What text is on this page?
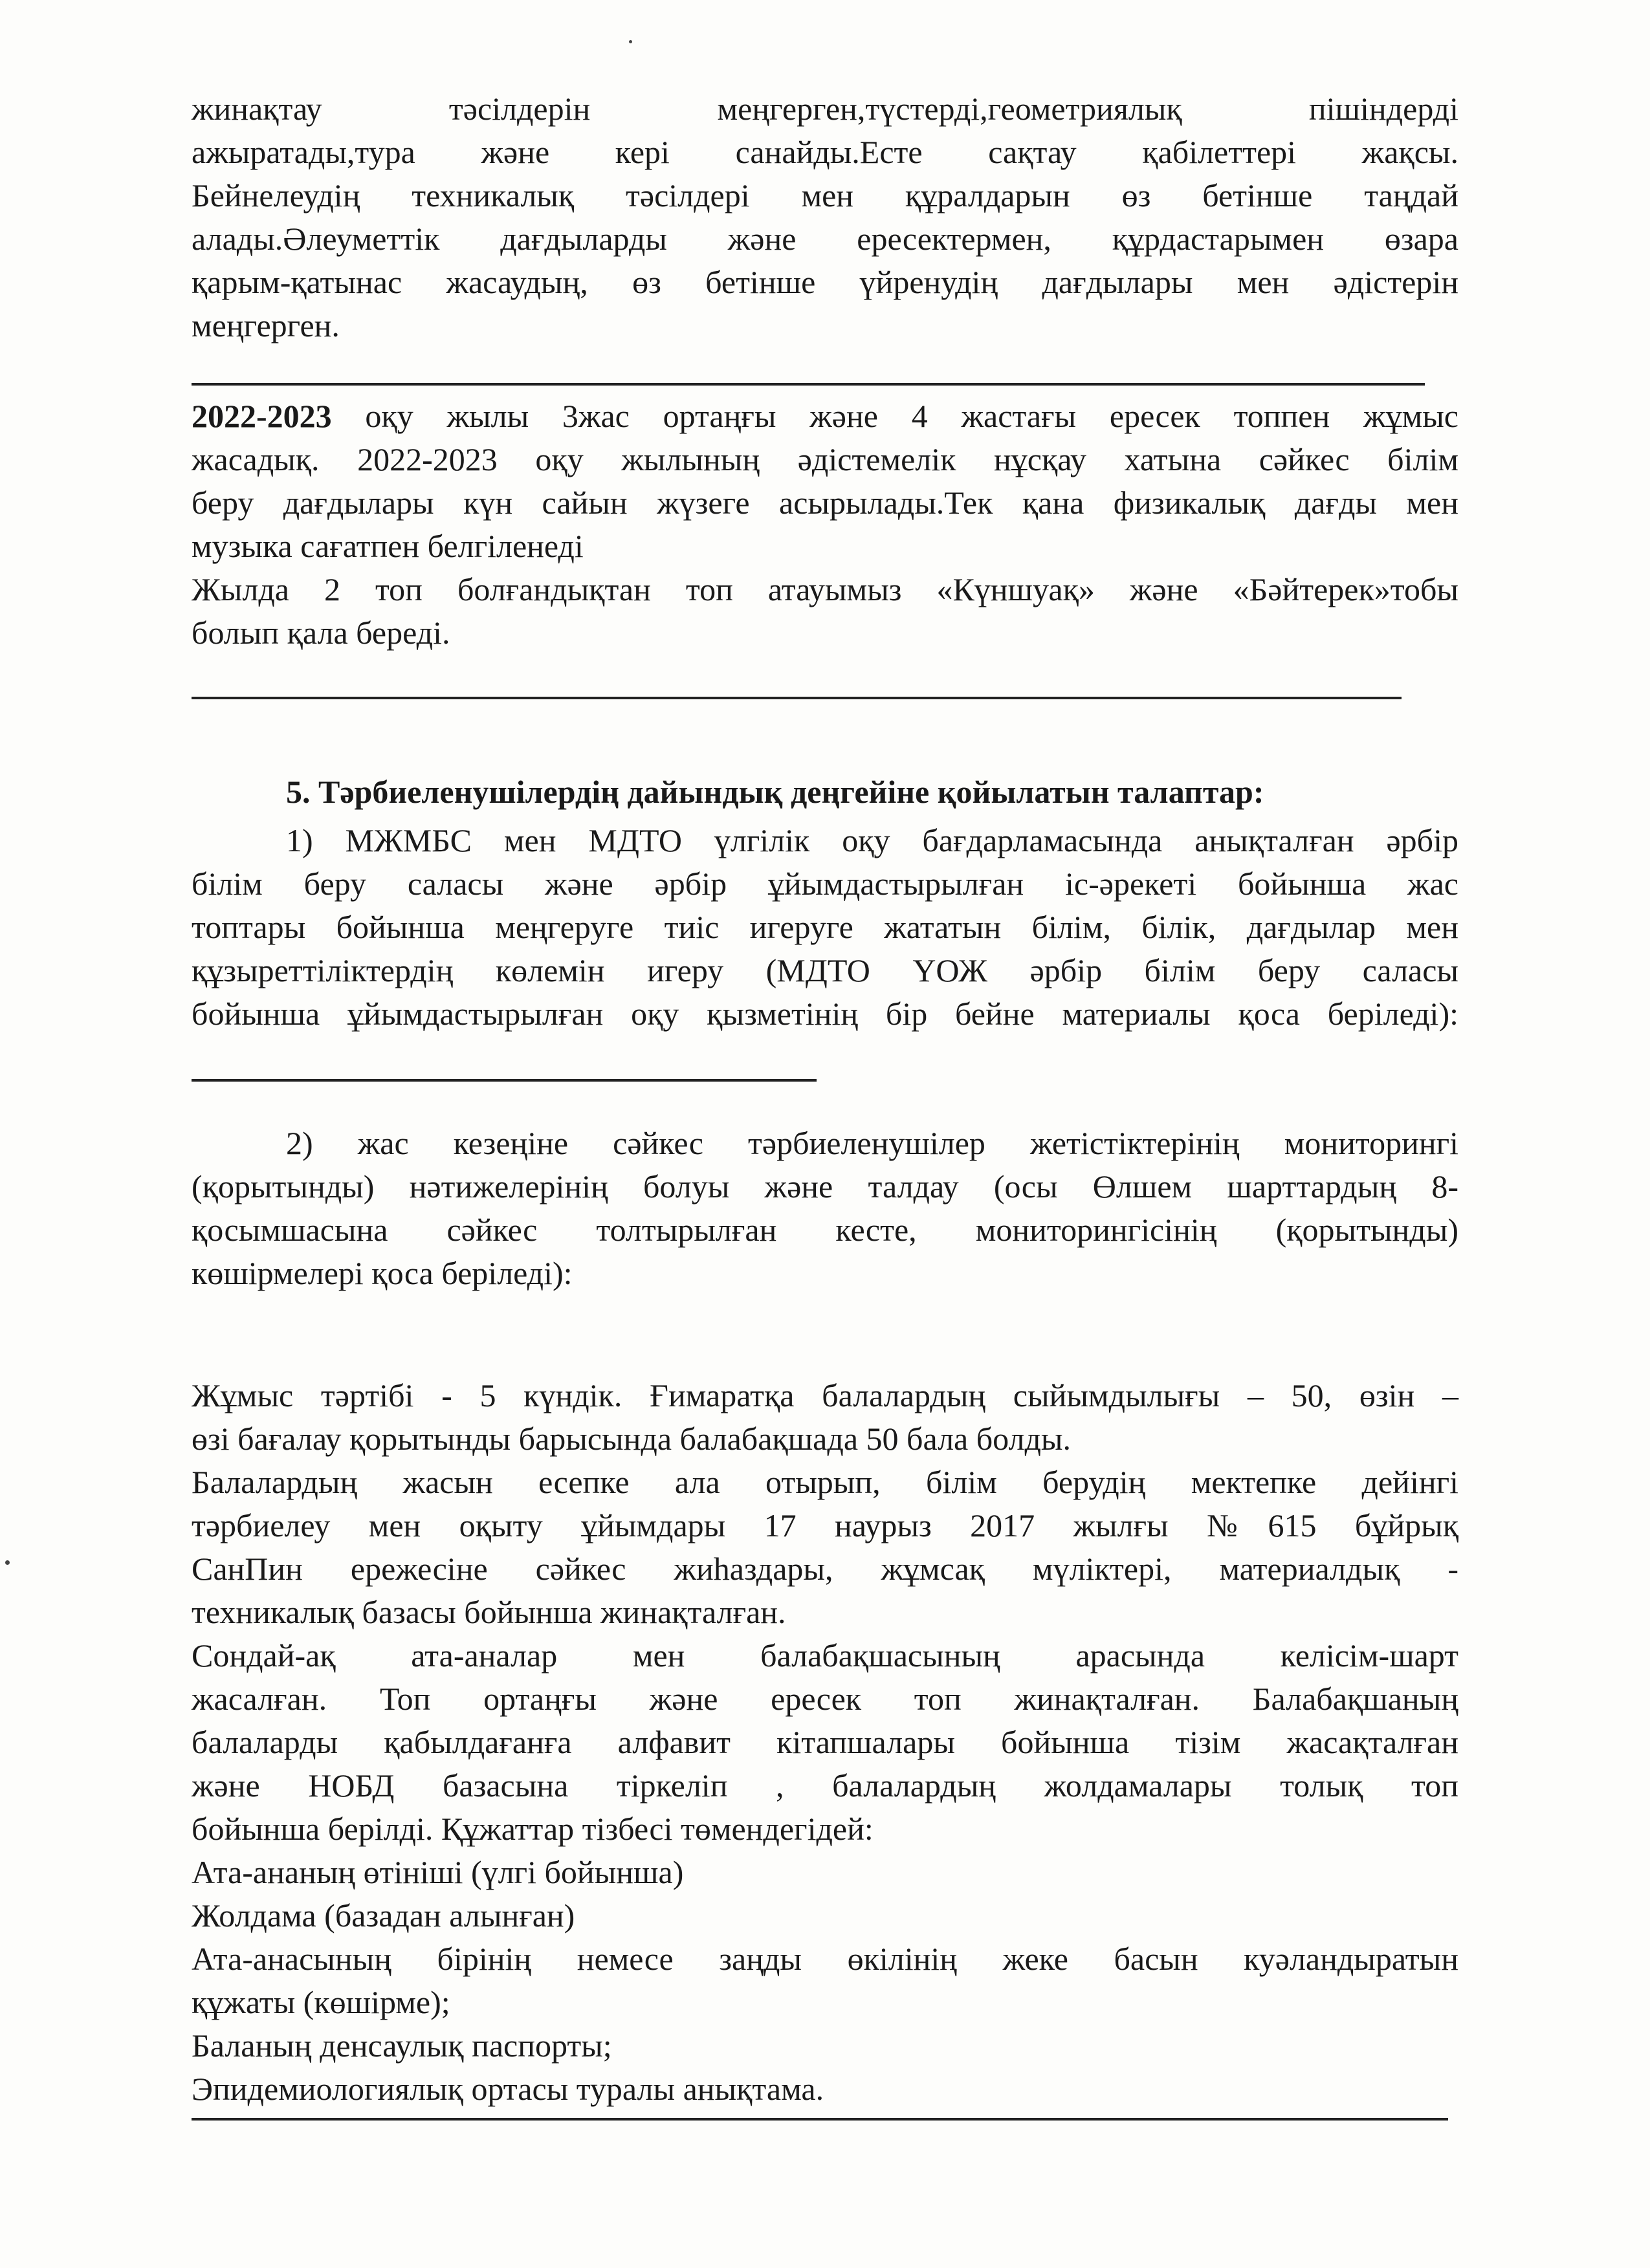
жинақтау тәсілдерін меңгерген,түстерді,геометриялық пішіндерді
ажыратады,тура және кері санайды.Есте сақтау қабілеттері жақсы.
Бейнелеудің техникалық тәсілдері мен құралдарын өз бетінше таңдай
алады.Әлеуметтік дағдыларды және ересектермен, құрдастарымен өзара
қарым-қатынас жасаудың, өз бетінше үйренудің дағдылары мен әдістерін
меңгерген.
2022-2023 оқу жылы 3жас ортаңғы және 4 жастағы ересек топпен жұмыс
жасадық. 2022-2023 оқу жылының әдістемелік нұсқау хатына сәйкес білім
беру дағдылары күн сайын жүзеге асырылады.Тек қана физикалық дағды мен
музыка сағатпен белгіленеді
Жылда 2 топ болғандықтан топ атауымыз «Күншуақ» және «Бәйтерек»тобы
болып қала береді.
5. Тәрбиеленушілердің дайындық деңгейіне қойылатын талаптар:
1) МЖМБС мен МДТО үлгілік оқу бағдарламасында анықталған әрбір
білім беру саласы және әрбір ұйымдастырылған іс-әрекеті бойынша жас
топтары бойынша меңгеруге тиіс игеруге жататын білім, білік, дағдылар мен
құзыреттіліктердің көлемін игеру (МДТО ҮОЖ әрбір білім беру саласы
бойынша ұйымдастырылған оқу қызметінің бір бейне материалы қоса беріледі):
2) жас кезеңіне сәйкес тәрбиеленушілер жетістіктерінің мониторингі
(қорытынды) нәтижелерінің болуы және талдау (осы Өлшем шарттардың 8-
қосымшасына сәйкес толтырылған кесте, мониторингісінің (қорытынды)
көшірмелері қоса беріледі):
Жұмыс тәртібі - 5 күндік. Ғимаратқа балалардың сыйымдылығы – 50, өзін –
өзі бағалау қорытынды барысында балабақшада 50 бала болды.
Балалардың жасын есепке ала отырып, білім берудің мектепке дейінгі
тәрбиелеу мен оқыту ұйымдары 17 наурыз 2017 жылғы №615 бұйрық
СанПин ережесіне сәйкес жиһаздары, жұмсақ мүліктері, материалдық -
техникалық базасы бойынша жинақталған.
Сондай-ақ ата-аналар мен балабақшасының арасында келісім-шарт
жасалған. Топ ортаңғы және ересек топ жинақталған. Балабақшаның
балаларды қабылдағанға алфавит кітапшалары бойынша тізім жасақталған
және НОБД базасына тіркеліп , балалардың жолдамалары толық топ
бойынша берілді. Құжаттар тізбесі төмендегідей:
Ата-ананың өтініші (үлгі бойынша)
Жолдама (базадан алынған)
Ата-анасының бірінің немесе заңды өкілінің жеке басын куәландыратын
құжаты (көшірме);
Баланың денсаулық паспорты;
Эпидемиологиялық ортасы туралы анықтама.
